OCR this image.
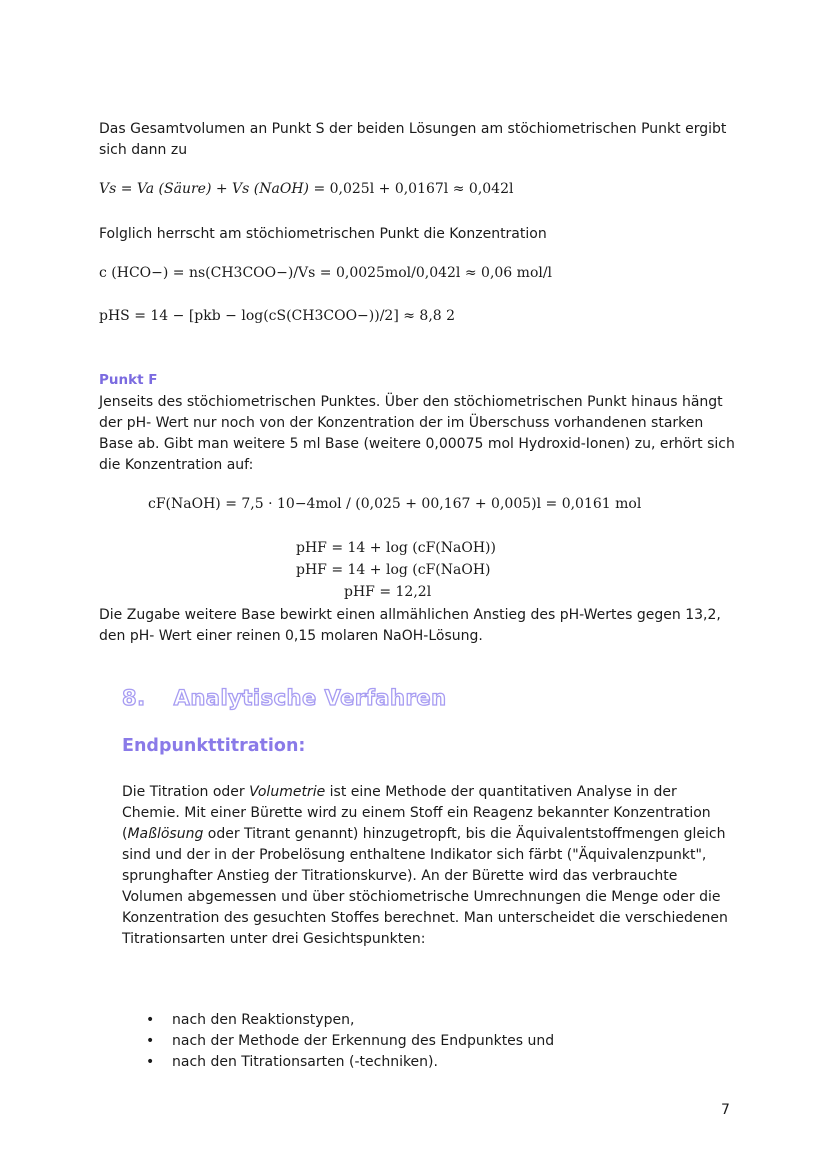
Das Gesamtvolumen an Punkt S der beiden Lösungen am stöchiometrischen Punkt ergibt sich dann zu

Vs = Va (Säure) + Vs (NaOH) = 0,025l + 0,0167l ≈ 0,042l

Folglich herrscht am stöchiometrischen Punkt die Konzentration

c (HCO−) = ns(CH3COO−)/Vs = 0,0025mol/0,042l ≈ 0,06 mol/l
pHS = 14 − [pkb − log(cS(CH3COO−))/2] ≈ 8,8 2
Punkt F

Jenseits des stöchiometrischen Punktes. Über den stöchiometrischen Punkt hinaus hängt der pH- Wert nur noch von der Konzentration der im Überschuss vorhandenen starken Base ab. Gibt man weitere 5 ml Base (weitere 0,00075 mol Hydroxid-Ionen) zu, erhört sich die Konzentration auf:

cF(NaOH) = 7,5 · 10−4mol / (0,025 + 00,167 + 0,005)l = 0,0161 mol
pHF = 14 + log (cF(NaOH))
pHF = 14 + log (cF(NaOH)
pHF = 12,2l

Die Zugabe weitere Base bewirkt einen allmählichen Anstieg des pH-Wertes gegen 13,2, den pH- Wert einer reinen 0,15 molaren NaOH-Lösung.

8. Analytische Verfahren
Endpunkttitration:

Die Titration oder Volumetrie ist eine Methode der quantitativen Analyse in der Chemie. Mit einer Bürette wird zu einem Stoff ein Reagenz bekannter Konzentration (Maßlösung oder Titrant genannt) hinzugetropft, bis die Äquivalentstoffmengen gleich sind und der in der Probelösung enthaltene Indikator sich färbt ("Äquivalenzpunkt", sprunghafter Anstieg der Titrationskurve). An der Bürette wird das verbrauchte Volumen abgemessen und über stöchiometrische Umrechnungen die Menge oder die Konzentration des gesuchten Stoffes berechnet. Man unterscheidet die verschiedenen Titrationsarten unter drei Gesichtspunkten:

• nach den Reaktionstypen,
• nach der Methode der Erkennung des Endpunktes und
• nach den Titrationsarten (-techniken).
7
